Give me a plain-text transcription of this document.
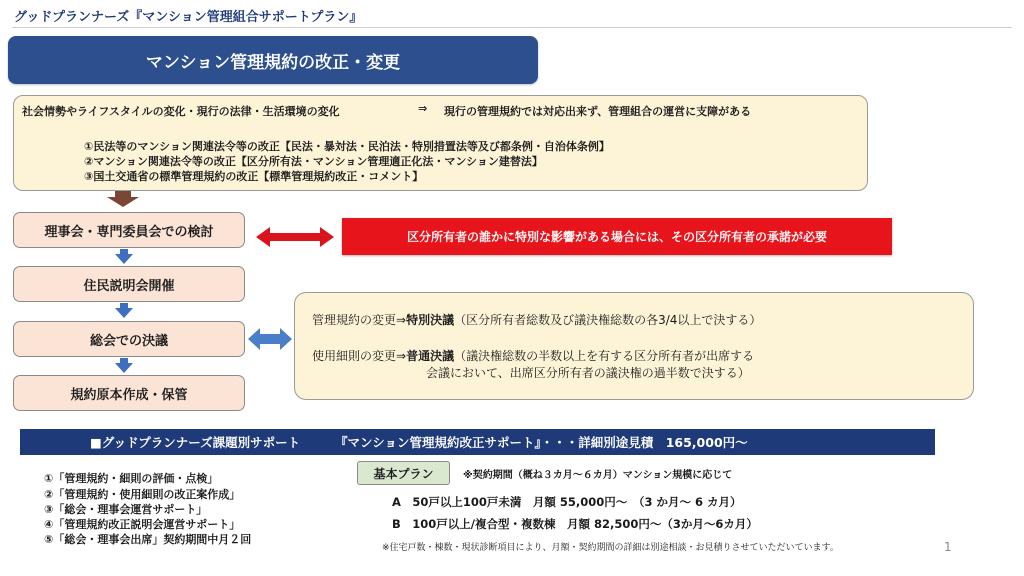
グッドプランナーズ『マンション管理組合サポートプラン』
マンション管理規約の改正・変更
社会情勢やライフスタイルの変化・現行の法律・生活環境の変化	⇒ 現行の管理規約では対応出来ず、管理組合の運営に支障がある
①民法等のマンション関連法令等の改正【民法・暴対法・民泊法・特別措置法等及び都条例・自治体条例】
②マンション関連法令等の改正【区分所有法・マンション管理適正化法・マンション建替法】
③国土交通省の標準管理規約の改正【標準管理規約改正・コメント】
理事会・専門委員会での検討
住民説明会開催
総会での決議
規約原本作成・保管
区分所有者の誰かに特別な影響がある場合には、その区分所有者の承諾が必要
管理規約の変更⇒特別決議（区分所有者総数及び議決権総数の各3/4以上で決する）
使用細則の変更⇒普通決議（議決権総数の半数以上を有する区分所有者が出席する
会議において、出席区分所有者の議決権の過半数で決する）
■グッドプランナーズ課題別サポート
	『マンション管理規約改正サポート』・・・詳細別途見積　165,000円～
①「管理規約・細則の評価・点検」
②「管理規約・使用細則の改正案作成」
③「総会・理事会運営サポート」
④「管理規約改正説明会運営サポート」
⑤「総会・理事会出席」契約期間中月２回
基本プラン	※契約期間（概ね３カ月～６カ月）マンション規模に応じて
A　50戸以上100戸未満　月額 55,000円～　（3 か月～ 6 カ月）
B　100戸以上/複合型・複数棟　月額 82,500円～（3か月～6カ月）
※住宅戸数・棟数・現状診断項目により、月額・契約期間の詳細は別途相談・お見積りさせていただいています。	1
